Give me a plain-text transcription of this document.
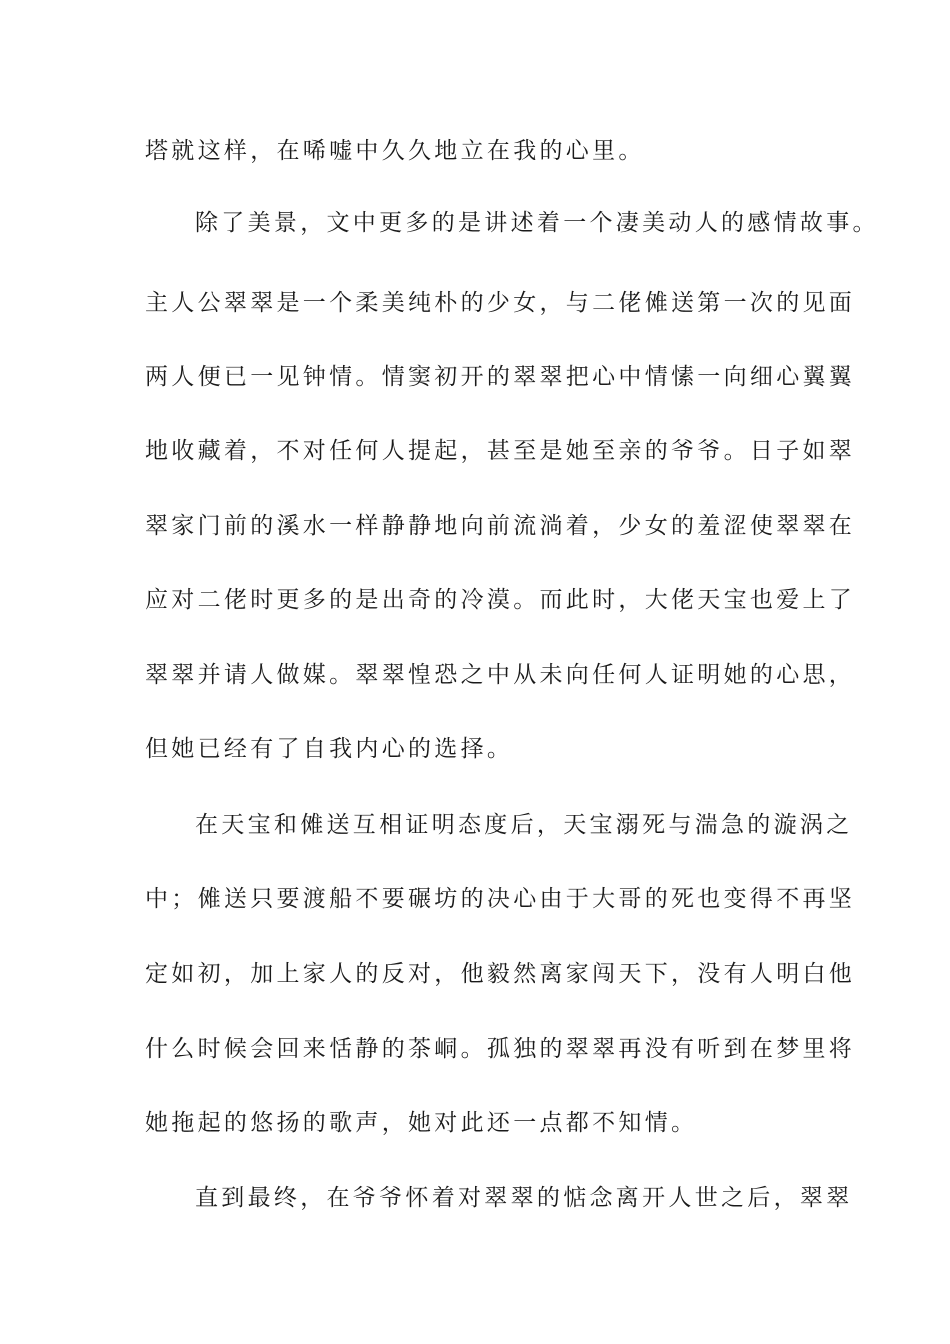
塔就这样，在唏嘘中久久地立在我的心里。
除了美景，文中更多的是讲述着一个凄美动人的感情故事。
主人公翠翠是一个柔美纯朴的少女，与二佬傩送第一次的见面
两人便已一见钟情。情窦初开的翠翠把心中情愫一向细心翼翼
地收藏着，不对任何人提起，甚至是她至亲的爷爷。日子如翠
翠家门前的溪水一样静静地向前流淌着，少女的羞涩使翠翠在
应对二佬时更多的是出奇的冷漠。而此时，大佬天宝也爱上了
翠翠并请人做媒。翠翠惶恐之中从未向任何人证明她的心思，
但她已经有了自我内心的选择。
在天宝和傩送互相证明态度后，天宝溺死与湍急的漩涡之
中；傩送只要渡船不要碾坊的决心由于大哥的死也变得不再坚
定如初，加上家人的反对，他毅然离家闯天下，没有人明白他
什么时候会回来恬静的茶峒。孤独的翠翠再没有听到在梦里将
她拖起的悠扬的歌声，她对此还一点都不知情。
直到最终，在爷爷怀着对翠翠的惦念离开人世之后，翠翠
